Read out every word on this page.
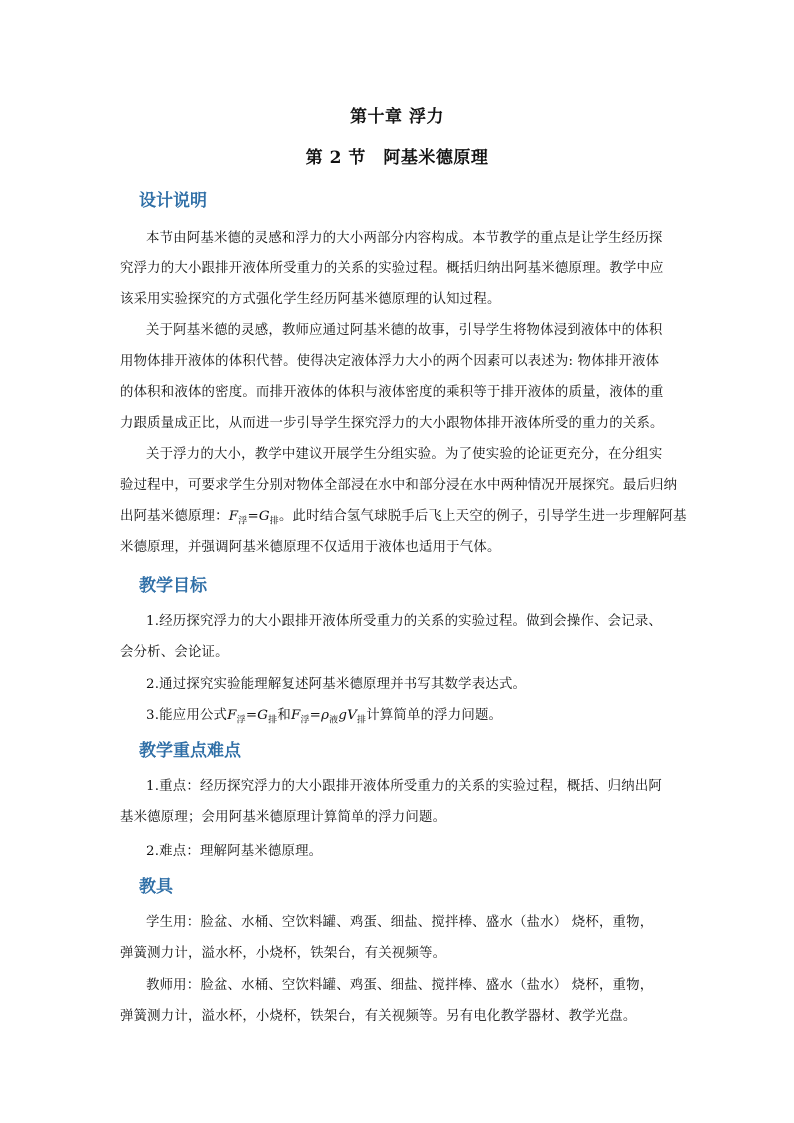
第十章 浮力
第 2 节　阿基米德原理
设计说明
本节由阿基米德的灵感和浮力的大小两部分内容构成。本节教学的重点是让学生经历探
究浮力的大小跟排开液体所受重力的关系的实验过程。概括归纳出阿基米德原理。教学中应
该采用实验探究的方式强化学生经历阿基米德原理的认知过程。
关于阿基米德的灵感，教师应通过阿基米德的故事，引导学生将物体浸到液体中的体积
用物体排开液体的体积代替。使得决定液体浮力大小的两个因素可以表述为: 物体排开液体
的体积和液体的密度。而排开液体的体积与液体密度的乘积等于排开液体的质量，液体的重
力跟质量成正比，从而进一步引导学生探究浮力的大小跟物体排开液体所受的重力的关系。
关于浮力的大小，教学中建议开展学生分组实验。为了使实验的论证更充分，在分组实
验过程中，可要求学生分别对物体全部浸在水中和部分浸在水中两种情况开展探究。最后归纳
出阿基米德原理：$F_浮=G_排$。此时结合氢气球脱手后飞上天空的例子，引导学生进一步理解阿基
米德原理，并强调阿基米德原理不仅适用于液体也适用于气体。
教学目标
1.经历探究浮力的大小跟排开液体所受重力的关系的实验过程。做到会操作、会记录、
会分析、会论证。
2.通过探究实验能理解复述阿基米德原理并书写其数学表达式。
3.能应用公式$F_浮=G_排$和$F_浮=\rho_液gV_排$计算简单的浮力问题。
教学重点难点
1.重点：经历探究浮力的大小跟排开液体所受重力的关系的实验过程，概括、归纳出阿
基米德原理；会用阿基米德原理计算简单的浮力问题。
2.难点：理解阿基米德原理。
教具
学生用：脸盆、水桶、空饮料罐、鸡蛋、细盐、搅拌棒、盛水（盐水） 烧杯，重物，
弹簧测力计，溢水杯，小烧杯，铁架台，有关视频等。
教师用：脸盆、水桶、空饮料罐、鸡蛋、细盐、搅拌棒、盛水（盐水） 烧杯，重物，
弹簧测力计，溢水杯，小烧杯，铁架台，有关视频等。另有电化教学器材、教学光盘。
